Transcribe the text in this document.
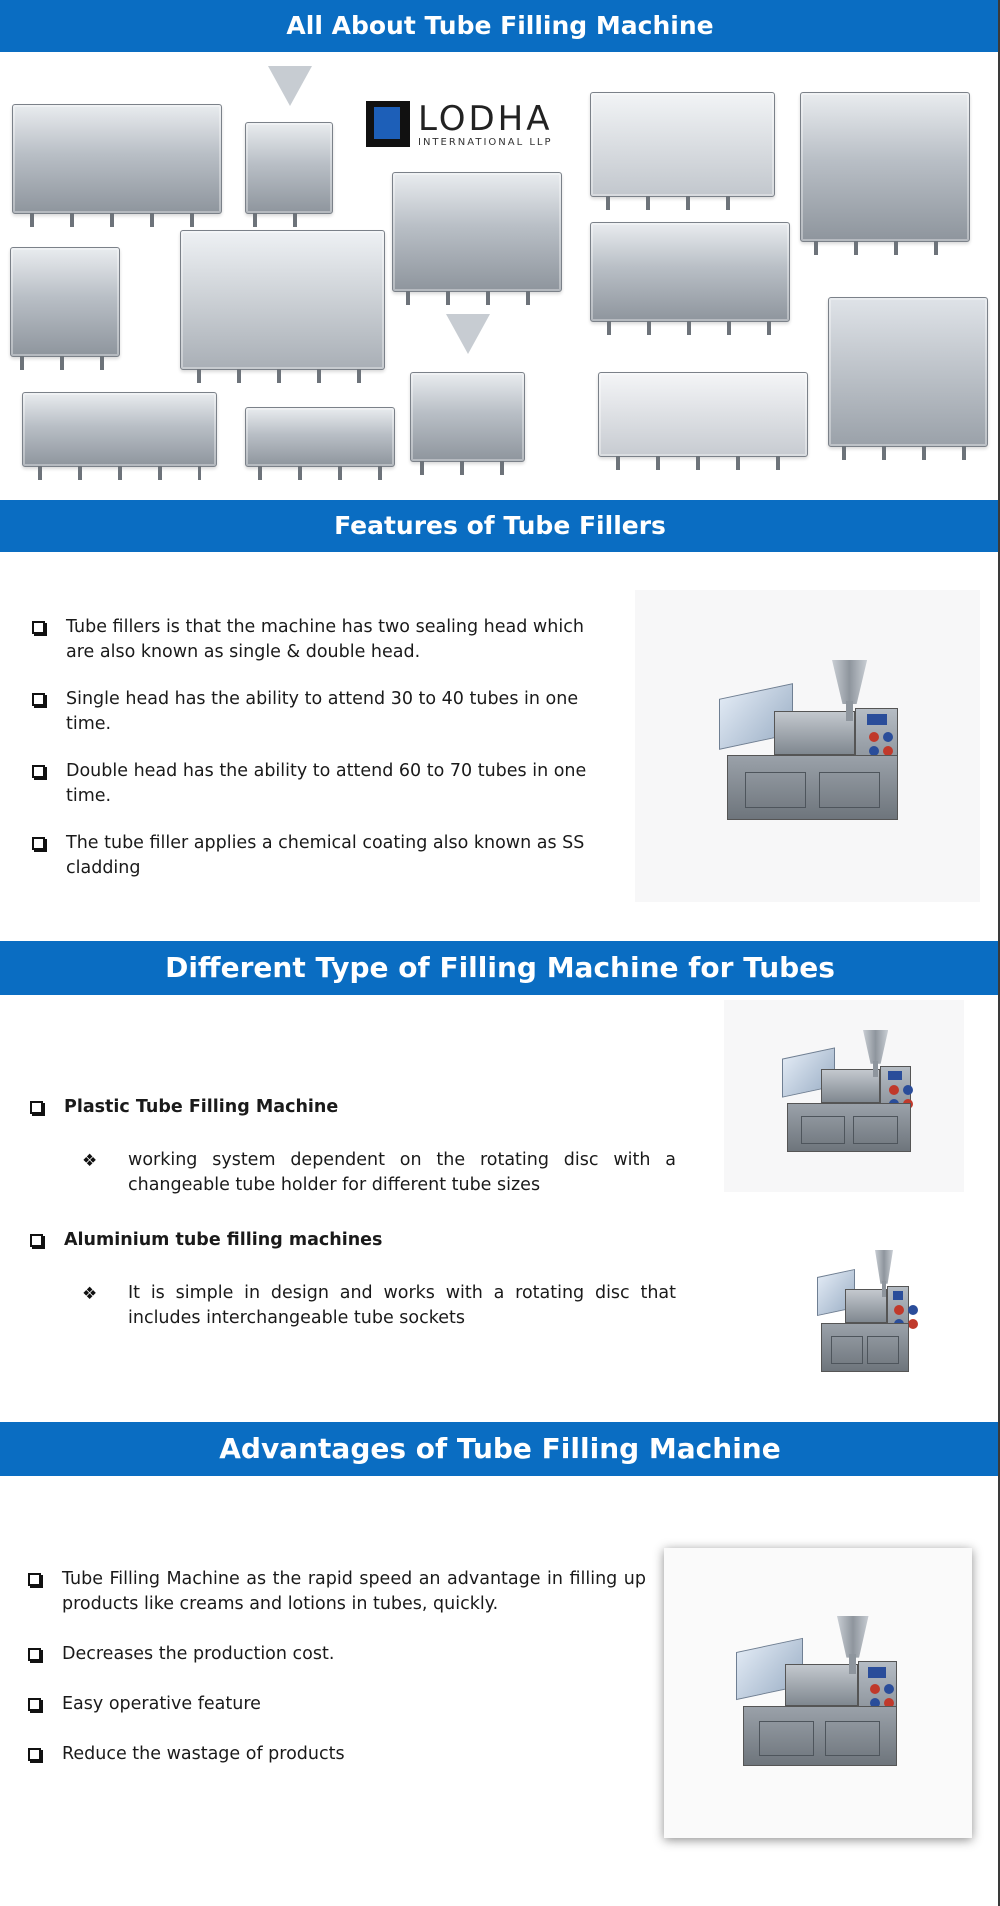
All About Tube Filling Machine
LODHA
INTERNATIONAL LLP
Features of Tube Fillers
Tube fillers is that the machine has two sealing head which are also known as single & double head.
Single head has the ability to attend 30 to 40 tubes in one time.
Double head has the ability to attend 60 to 70 tubes in one time.
The tube filler applies a chemical coating also known as SS cladding
Different Type of Filling Machine for Tubes
Plastic Tube Filling Machine
❖ working system dependent on the rotating disc with a changeable tube holder for different tube sizes
Aluminium tube filling machines
❖ It is simple in design and works with a rotating disc that includes interchangeable tube sockets
Advantages of Tube Filling Machine
Tube Filling Machine as the rapid speed an advantage in filling up products like creams and lotions in tubes, quickly.
Decreases the production cost.
Easy operative feature
Reduce the wastage of products
